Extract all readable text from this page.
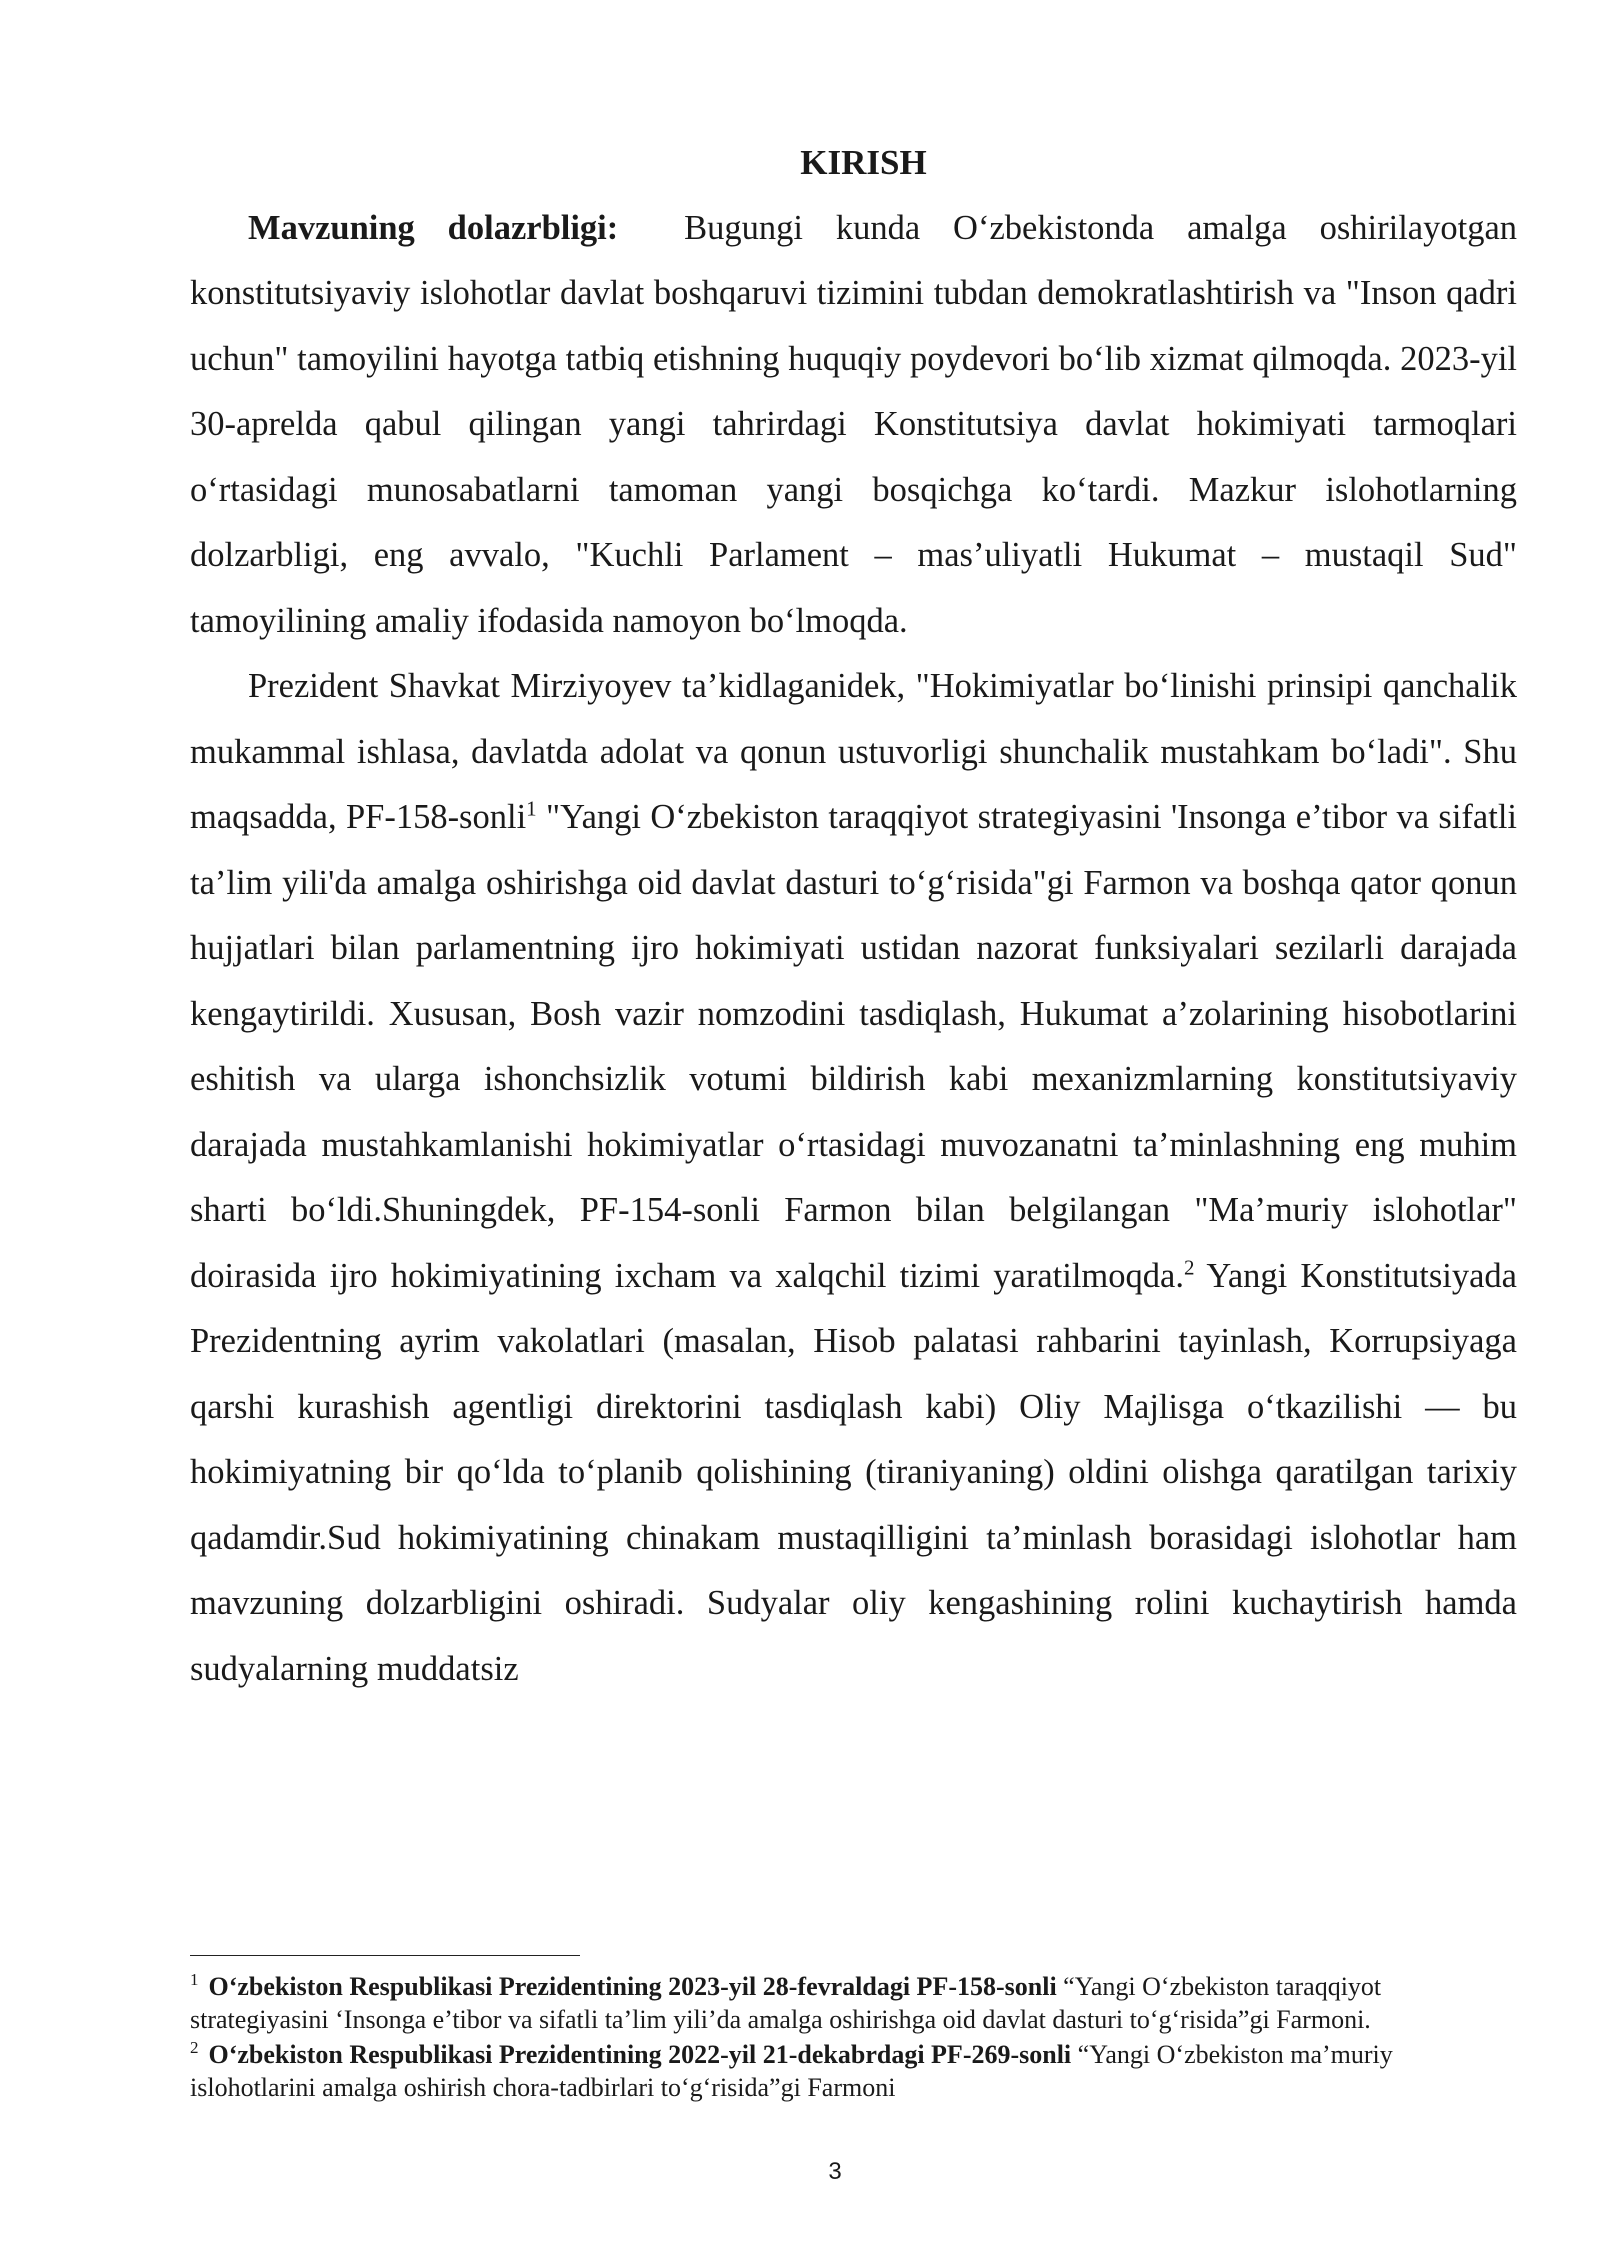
KIRISH

Mavzuning dolazrbligi: Bugungi kunda O‘zbekistonda amalga oshirilayotgan konstitutsiyaviy islohotlar davlat boshqaruvi tizimini tubdan demokratlashtirish va "Inson qadri uchun" tamoyilini hayotga tatbiq etishning huquqiy poydevori bo‘lib xizmat qilmoqda. 2023-yil 30-aprelda qabul qilingan yangi tahrirdagi Konstitutsiya davlat hokimiyati tarmoqlari o‘rtasidagi munosabatlarni tamoman yangi bosqichga ko‘tardi. Mazkur islohotlarning dolzarbligi, eng avvalo, "Kuchli Parlament – mas’uliyatli Hukumat – mustaqil Sud" tamoyilining amaliy ifodasida namoyon bo‘lmoqda.

Prezident Shavkat Mirziyoyev ta’kidlaganidek, "Hokimiyatlar bo‘linishi prinsipi qanchalik mukammal ishlasa, davlatda adolat va qonun ustuvorligi shunchalik mustahkam bo‘ladi". Shu maqsadda, PF-158-sonli$^1$ "Yangi O‘zbekiston taraqqiyot strategiyasini 'Insonga e’tibor va sifatli ta’lim yili'da amalga oshirishga oid davlat dasturi to‘g‘risida"gi Farmon va boshqa qator qonun hujjatlari bilan parlamentning ijro hokimiyati ustidan nazorat funksiyalari sezilarli darajada kengaytirildi. Xususan, Bosh vazir nomzodini tasdiqlash, Hukumat a’zolarining hisobotlarini eshitish va ularga ishonchsizlik votumi bildirish kabi mexanizmlarning konstitutsiyaviy darajada mustahkamlanishi hokimiyatlar o‘rtasidagi muvozanatni ta’minlashning eng muhim sharti bo‘ldi.Shuningdek, PF-154-sonli Farmon bilan belgilangan "Ma’muriy islohotlar" doirasida ijro hokimiyatining ixcham va xalqchil tizimi yaratilmoqda.$^2$ Yangi Konstitutsiyada Prezidentning ayrim vakolatlari (masalan, Hisob palatasi rahbarini tayinlash, Korrupsiyaga qarshi kurashish agentligi direktorini tasdiqlash kabi) Oliy Majlisga o‘tkazilishi — bu hokimiyatning bir qo‘lda to‘planib qolishining (tiraniyaning) oldini olishga qaratilgan tarixiy qadamdir.Sud hokimiyatining chinakam mustaqilligini ta’minlash borasidagi islohotlar ham mavzuning dolzarbligini oshiradi. Sudyalar oliy kengashining rolini kuchaytirish hamda sudyalarning muddatsiz

$^1$ O‘zbekiston Respublikasi Prezidentining 2023-yil 28-fevraldagi PF-158-sonli “Yangi O‘zbekiston taraqqiyot strategiyasini ‘Insonga e’tibor va sifatli ta’lim yili’da amalga oshirishga oid davlat dasturi to‘g‘risida”gi Farmoni.

$^2$ O‘zbekiston Respublikasi Prezidentining 2022-yil 21-dekabrdagi PF-269-sonli “Yangi O‘zbekiston ma’muriy islohotlarini amalga oshirish chora-tadbirlari to‘g‘risida”gi Farmoni

3
